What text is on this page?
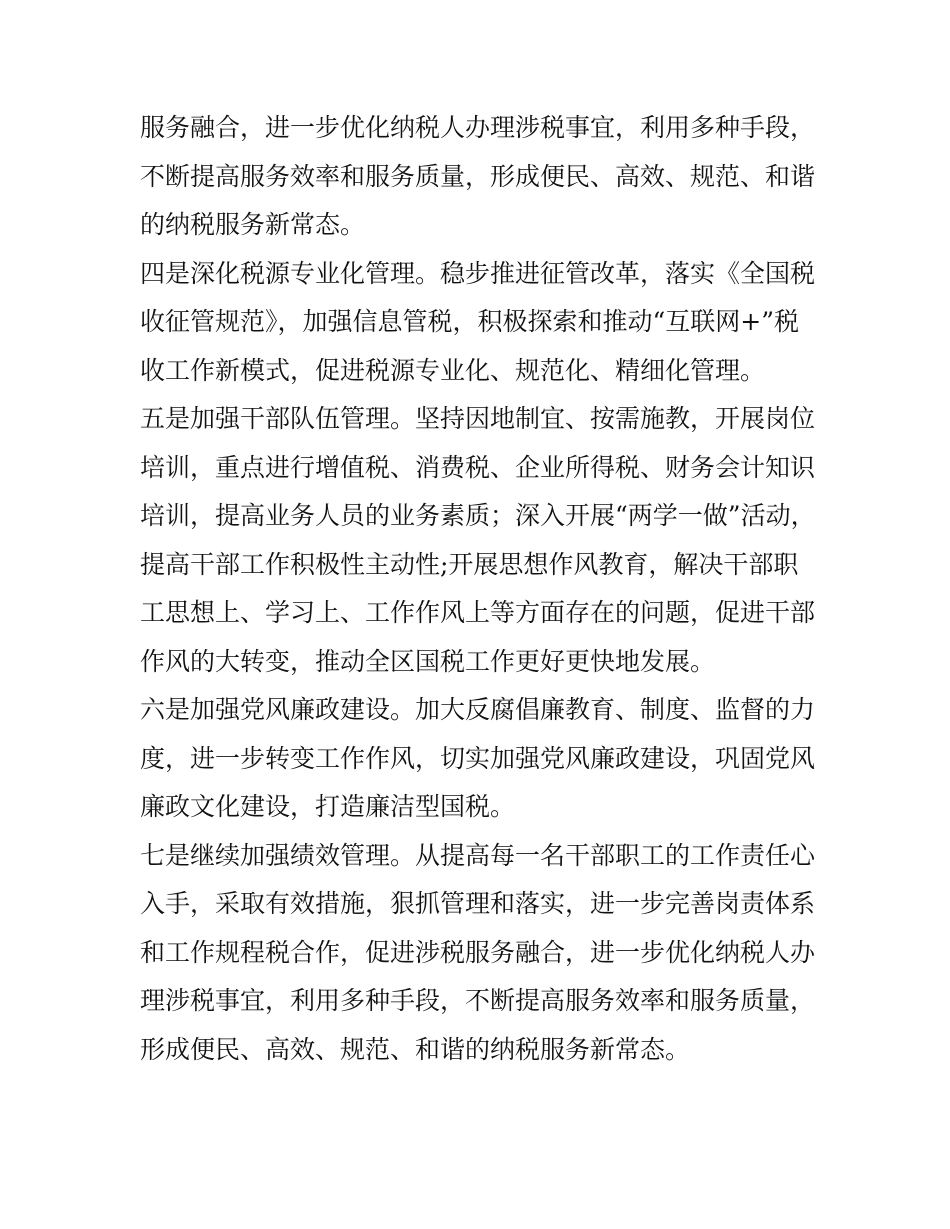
服务融合，进一步优化纳税人办理涉税事宜，利用多种手段，

不断提高服务效率和服务质量，形成便民、高效、规范、和谐

的纳税服务新常态。

四是深化税源专业化管理。稳步推进征管改革，落实《全国税

收征管规范》，加强信息管税，积极探索和推动“互联网+”税

收工作新模式，促进税源专业化、规范化、精细化管理。

五是加强干部队伍管理。坚持因地制宜、按需施教，开展岗位

培训，重点进行增值税、消费税、企业所得税、财务会计知识

培训，提高业务人员的业务素质；深入开展“两学一做”活动，

提高干部工作积极性主动性;开展思想作风教育，解决干部职

工思想上、学习上、工作作风上等方面存在的问题，促进干部

作风的大转变，推动全区国税工作更好更快地发展。

六是加强党风廉政建设。加大反腐倡廉教育、制度、监督的力

度，进一步转变工作作风，切实加强党风廉政建设，巩固党风

廉政文化建设，打造廉洁型国税。

七是继续加强绩效管理。从提高每一名干部职工的工作责任心

入手，采取有效措施，狠抓管理和落实，进一步完善岗责体系

和工作规程税合作，促进涉税服务融合，进一步优化纳税人办

理涉税事宜，利用多种手段，不断提高服务效率和服务质量，

形成便民、高效、规范、和谐的纳税服务新常态。
